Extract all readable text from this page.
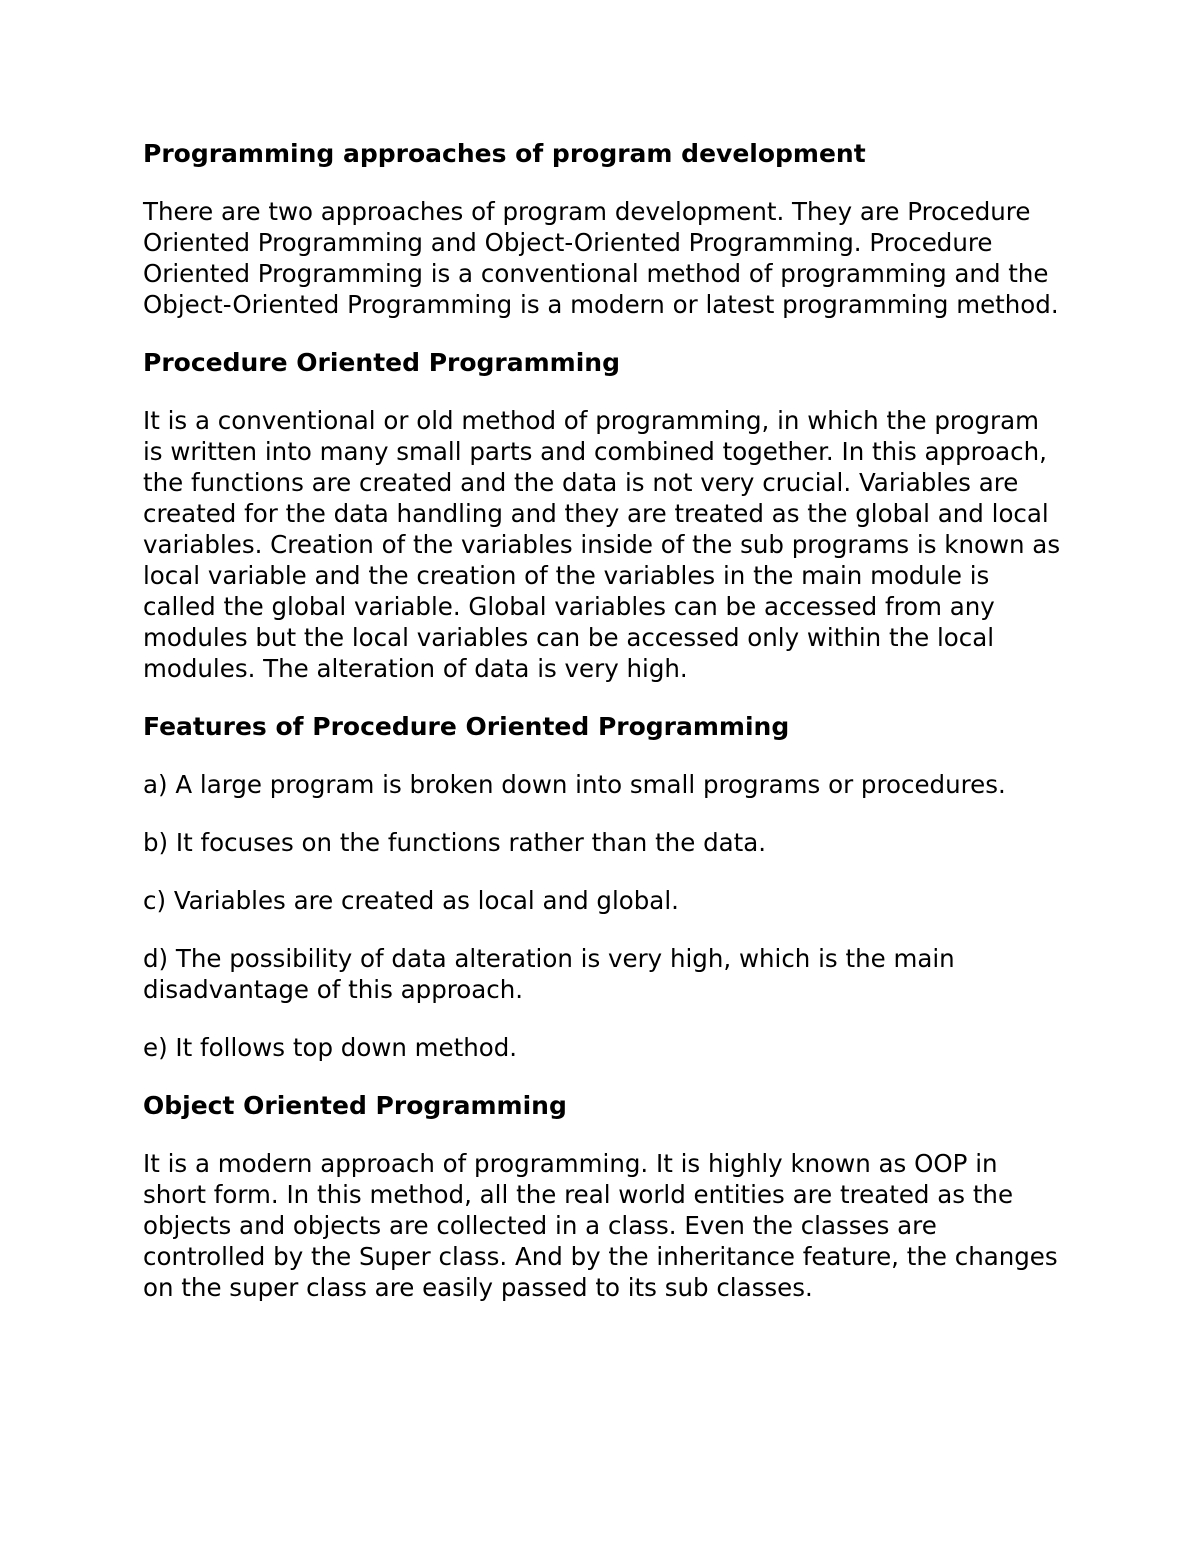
Programming approaches of program development
There are two approaches of program development. They are Procedure Oriented Programming and Object-Oriented Programming. Procedure Oriented Programming is a conventional method of programming and the Object-Oriented Programming is a modern or latest programming method.
Procedure Oriented Programming
It is a conventional or old method of programming, in which the program is written into many small parts and combined together. In this approach, the functions are created and the data is not very crucial. Variables are created for the data handling and they are treated as the global and local variables. Creation of the variables inside of the sub programs is known as local variable and the creation of the variables in the main module is called the global variable. Global variables can be accessed from any modules but the local variables can be accessed only within the local modules. The alteration of data is very high.
Features of Procedure Oriented Programming
a) A large program is broken down into small programs or procedures.
b) It focuses on the functions rather than the data.
c) Variables are created as local and global.
d) The possibility of data alteration is very high, which is the main disadvantage of this approach.
e) It follows top down method.
Object Oriented Programming
It is a modern approach of programming. It is highly known as OOP in short form. In this method, all the real world entities are treated as the objects and objects are collected in a class. Even the classes are controlled by the Super class. And by the inheritance feature, the changes on the super class are easily passed to its sub classes.
